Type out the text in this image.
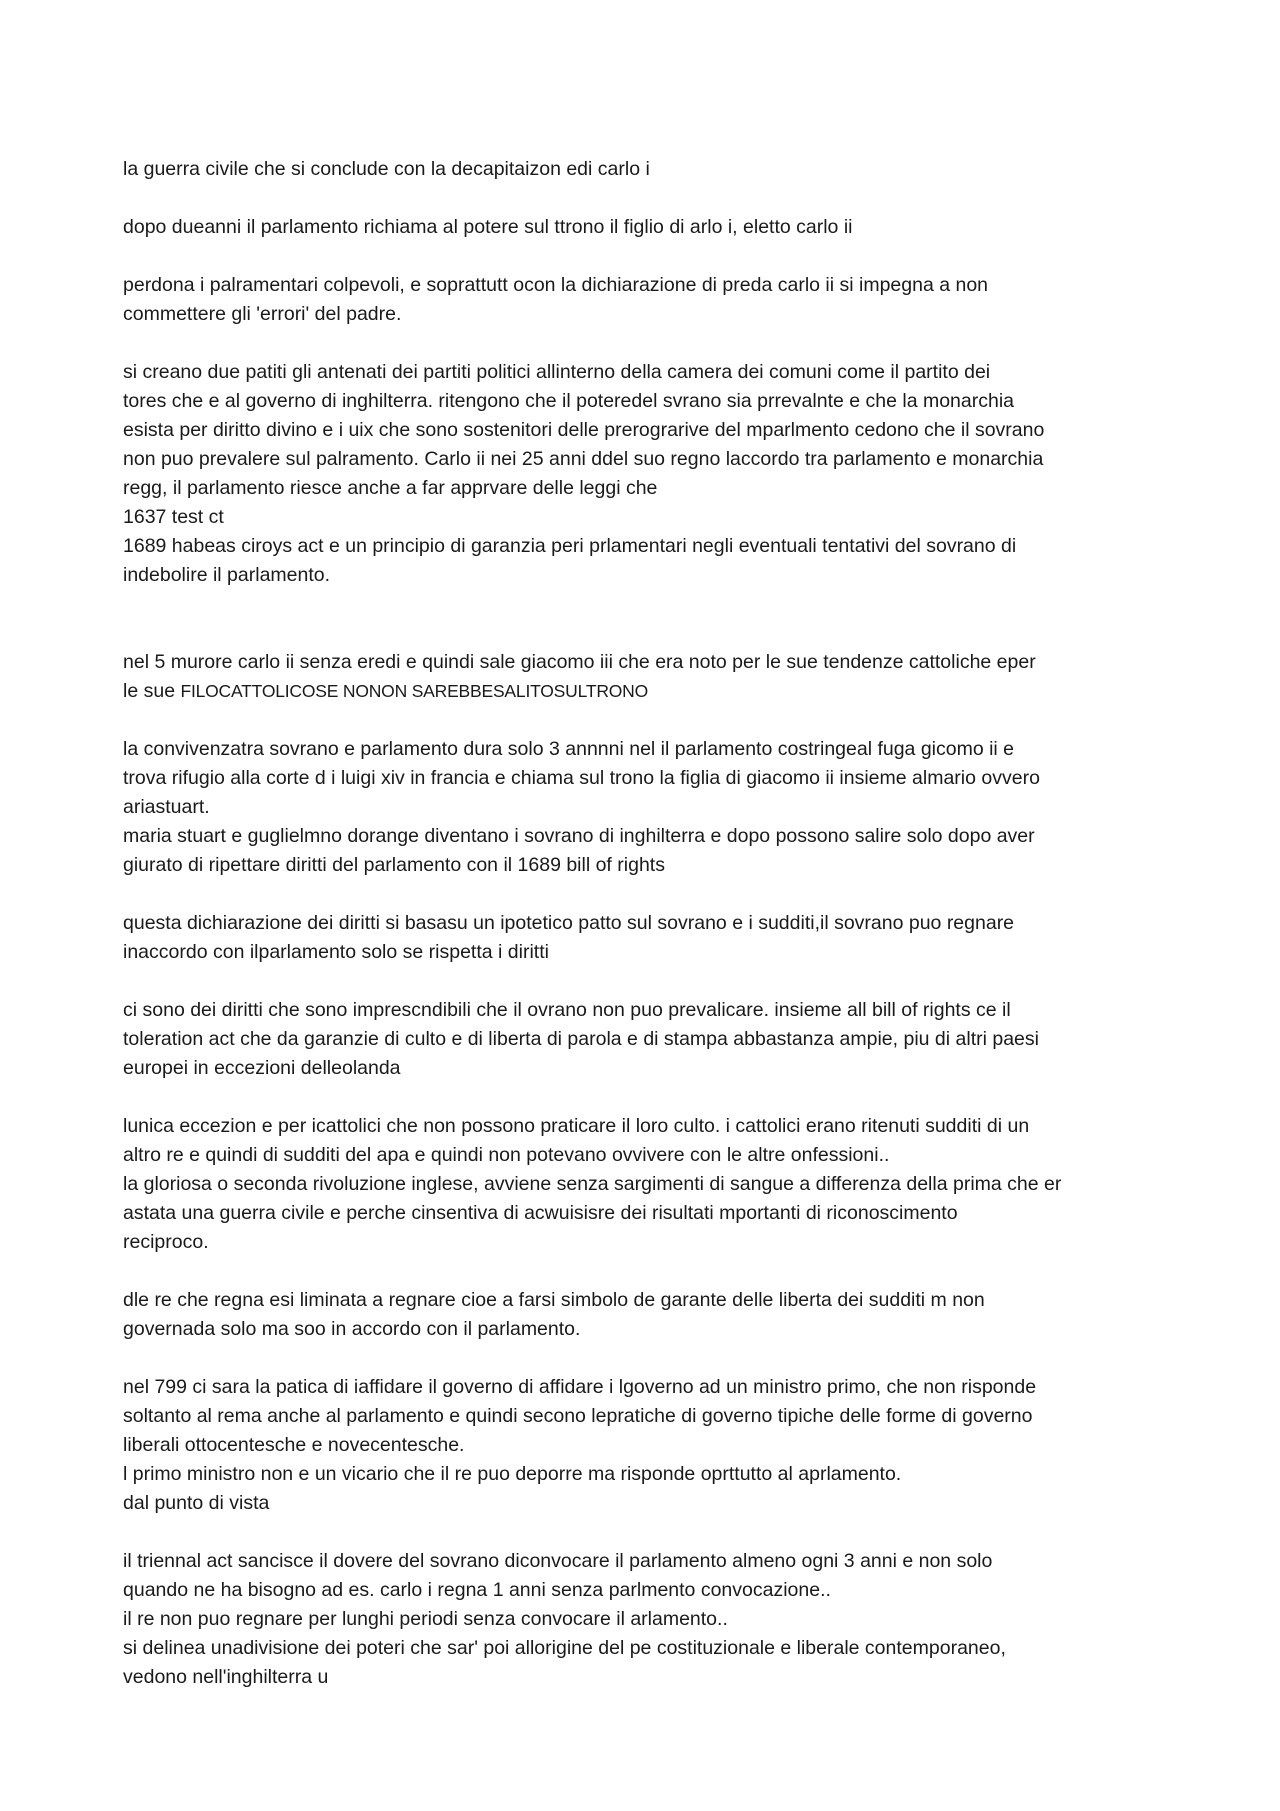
la guerra civile che si conclude con la decapitaizon edi carlo i
dopo dueanni il parlamento richiama al potere sul ttrono il figlio di arlo i, eletto carlo ii
perdona i palramentari colpevoli, e soprattutt ocon la dichiarazione di preda carlo ii si impegna a non
commettere gli 'errori' del padre.
si creano due patiti gli antenati dei partiti politici allinterno della camera dei comuni come il partito dei
tores che e al governo di inghilterra. ritengono che il poteredel svrano sia prrevalnte e che la monarchia
esista per diritto divino e i uix che sono sostenitori delle prerograrive del mparlmento cedono che il sovrano
non puo prevalere sul palramento. Carlo ii nei 25 anni ddel suo regno laccordo tra parlamento e monarchia
regg, il parlamento riesce anche a far apprvare delle leggi che
1637 test ct
1689 habeas ciroys act e un principio di garanzia peri prlamentari negli eventuali tentativi del sovrano di
indebolire il parlamento.
nel 5 murore carlo ii senza eredi e quindi sale giacomo iii che era noto per le sue tendenze cattoliche eper
le sue FILOCATTOLICOSE NONON SAREBBESALITOSULTRONO
la convivenzatra sovrano e parlamento dura solo 3 annnni nel il parlamento costringeal fuga gicomo ii e
trova rifugio alla corte d i luigi xiv in francia e chiama sul trono la figlia di giacomo ii insieme almario ovvero
ariastuart.
maria stuart e guglielmno dorange diventano i sovrano di inghilterra e dopo possono salire solo dopo aver
giurato di ripettare diritti del parlamento con il 1689 bill of rights
questa dichiarazione dei diritti si basasu un ipotetico patto sul sovrano e i sudditi,il sovrano puo regnare
inaccordo con ilparlamento solo se rispetta i diritti
ci sono dei diritti che sono imprescndibili che il ovrano non puo prevalicare. insieme all bill of rights ce il
toleration act che da garanzie di culto e di liberta di parola e di stampa abbastanza ampie, piu di altri paesi
europei in eccezioni delleolanda
lunica eccezion e per icattolici che non possono praticare il loro culto. i cattolici erano ritenuti sudditi di un
altro re e quindi di sudditi del apa e quindi non potevano ovvivere con le altre onfessioni..
la gloriosa o seconda rivoluzione inglese, avviene senza sargimenti di sangue a differenza della prima che er
astata una guerra civile e perche cinsentiva di acwuisisre dei risultati mportanti di riconoscimento
reciproco.
dle re che regna esi liminata a regnare cioe a farsi simbolo de garante delle liberta dei sudditi m non
governada solo ma soo in accordo con il parlamento.
nel 799 ci sara la patica di iaffidare il governo di affidare i lgoverno ad un ministro primo, che non risponde
soltanto al rema anche al parlamento e quindi secono lepratiche di governo tipiche delle forme di governo
liberali ottocentesche e novecentesche.
l primo ministro non e un vicario che il re puo deporre ma risponde oprttutto al aprlamento.
dal punto di vista
il triennal act sancisce il dovere del sovrano diconvocare il parlamento almeno ogni 3 anni e non solo
quando ne ha bisogno ad es. carlo i regna 1 anni senza parlmento convocazione..
il re non puo regnare per lunghi periodi senza convocare il arlamento..
si delinea unadivisione dei poteri che sar' poi allorigine del pe costituzionale e liberale contemporaneo,
vedono nell'inghilterra u
